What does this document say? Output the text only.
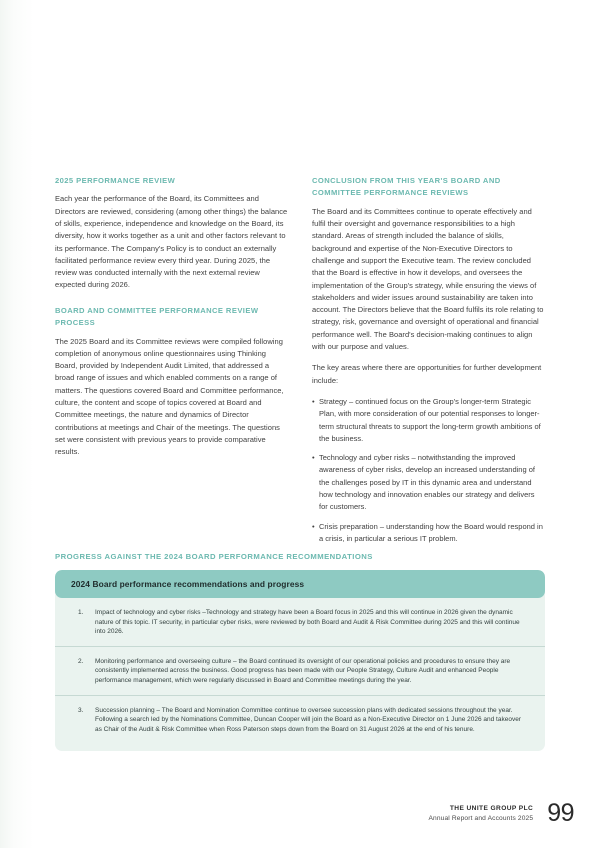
2025 PERFORMANCE REVIEW

Each year the performance of the Board, its Committees and Directors are reviewed, considering (among other things) the balance of skills, experience, independence and knowledge on the Board, its diversity, how it works together as a unit and other factors relevant to its performance. The Company's Policy is to conduct an externally facilitated performance review every third year. During 2025, the review was conducted internally with the next external review expected during 2026.

BOARD AND COMMITTEE PERFORMANCE REVIEW PROCESS

The 2025 Board and its Committee reviews were compiled following completion of anonymous online questionnaires using Thinking Board, provided by Independent Audit Limited, that addressed a broad range of issues and which enabled comments on a range of matters. The questions covered Board and Committee performance, culture, the content and scope of topics covered at Board and Committee meetings, the nature and dynamics of Director contributions at meetings and Chair of the meetings. The questions set were consistent with previous years to provide comparative results.

CONCLUSION FROM THIS YEAR'S BOARD AND COMMITTEE PERFORMANCE REVIEWS

The Board and its Committees continue to operate effectively and fulfil their oversight and governance responsibilities to a high standard. Areas of strength included the balance of skills, background and expertise of the Non-Executive Directors to challenge and support the Executive team. The review concluded that the Board is effective in how it develops, and oversees the implementation of the Group's strategy, while ensuring the views of stakeholders and wider issues around sustainability are taken into account. The Directors believe that the Board fulfils its role relating to strategy, risk, governance and oversight of operational and financial performance well. The Board's decision-making continues to align with our purpose and values.

The key areas where there are opportunities for further development include:

• Strategy – continued focus on the Group's longer-term Strategic Plan, with more consideration of our potential responses to longer-term structural threats to support the long-term growth ambitions of the business.
• Technology and cyber risks – notwithstanding the improved awareness of cyber risks, develop an increased understanding of the challenges posed by IT in this dynamic area and understand how technology and innovation enables our strategy and delivers for customers.
• Crisis preparation – understanding how the Board would respond in a crisis, in particular a serious IT problem.
PROGRESS AGAINST THE 2024 BOARD PERFORMANCE RECOMMENDATIONS
2024 Board performance recommendations and progress
Impact of technology and cyber risks –Technology and strategy have been a Board focus in 2025 and this will continue in 2026 given the dynamic nature of this topic. IT security, in particular cyber risks, were reviewed by both Board and Audit & Risk Committee during 2025 and this will continue into 2026.
Monitoring performance and overseeing culture – the Board continued its oversight of our operational policies and procedures to ensure they are consistently implemented across the business. Good progress has been made with our People Strategy, Culture Audit and enhanced People performance management, which were regularly discussed in Board and Committee meetings during the year.
Succession planning – The Board and Nomination Committee continue to oversee succession plans with dedicated sessions throughout the year. Following a search led by the Nominations Committee, Duncan Cooper will join the Board as a Non-Executive Director on 1 June 2026 and takeover as Chair of the Audit & Risk Committee when Ross Paterson steps down from the Board on 31 August 2026 at the end of his tenure.
THE UNITE GROUP PLC
Annual Report and Accounts 2025 99
